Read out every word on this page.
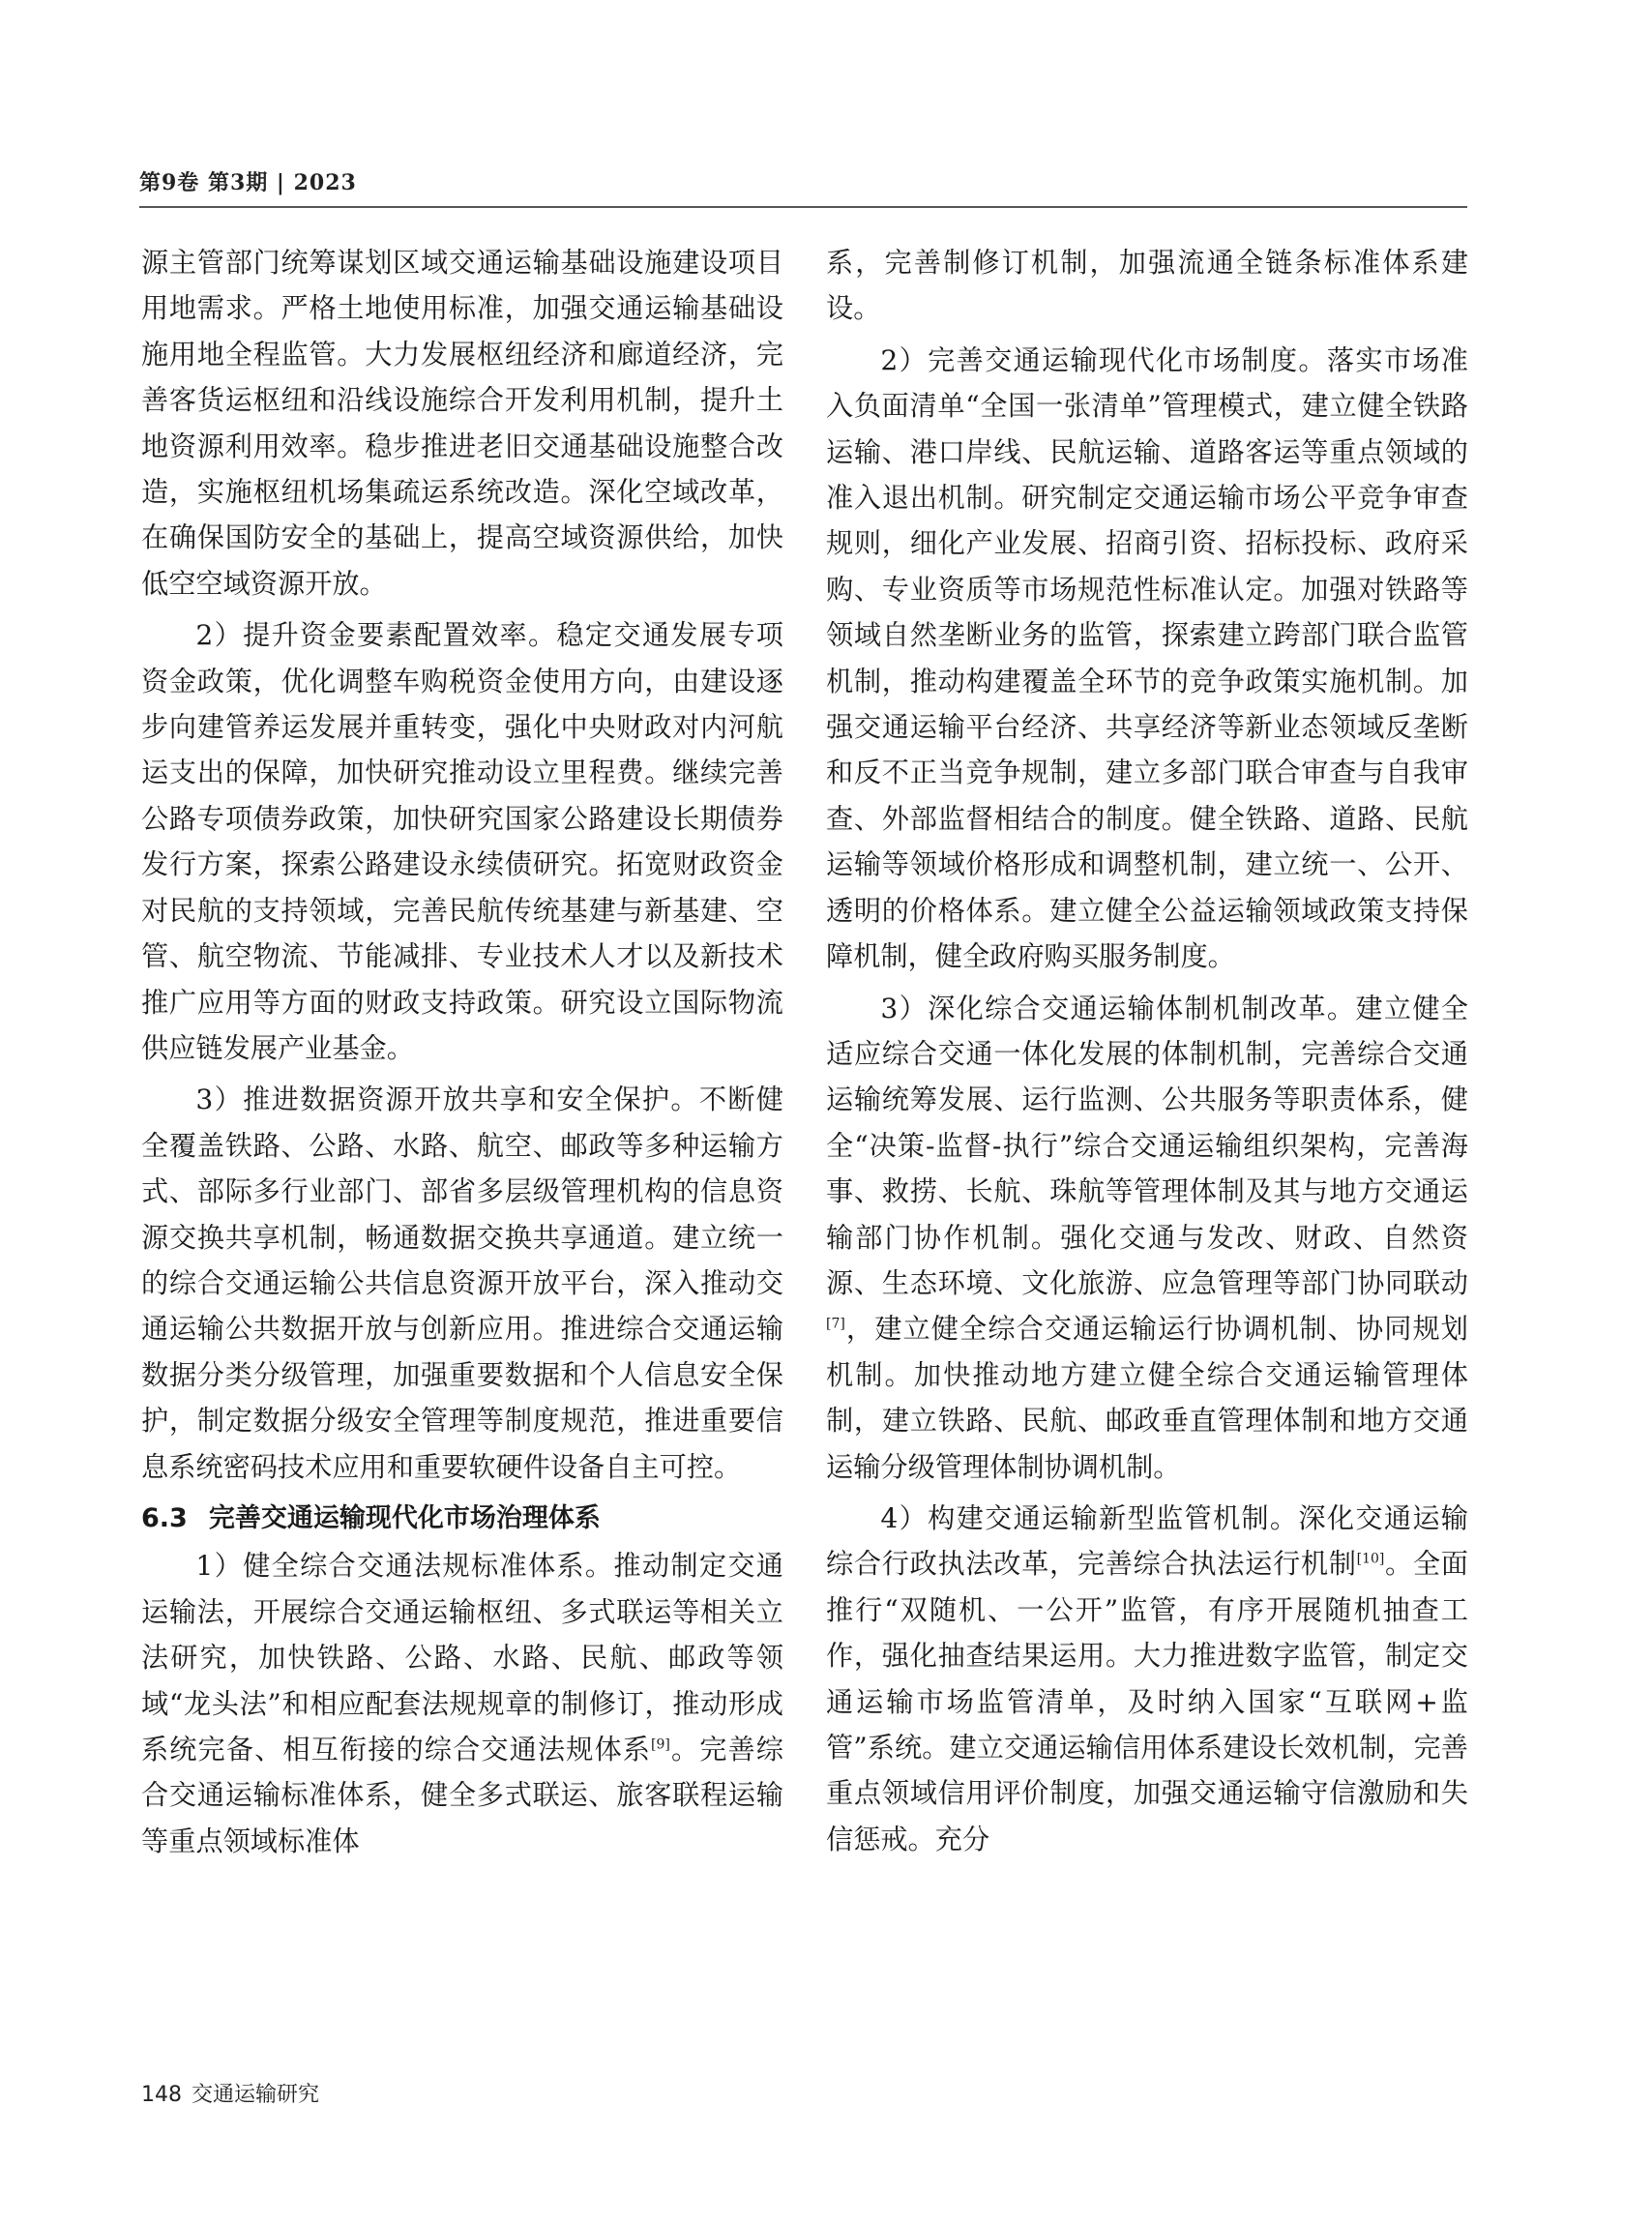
第9卷 第3期 | 2023

源主管部门统筹谋划区域交通运输基础设施建设项目用地需求。严格土地使用标准，加强交通运输基础设施用地全程监管。大力发展枢纽经济和廊道经济，完善客货运枢纽和沿线设施综合开发利用机制，提升土地资源利用效率。稳步推进老旧交通基础设施整合改造，实施枢纽机场集疏运系统改造。深化空域改革，在确保国防安全的基础上，提高空域资源供给，加快低空空域资源开放。

2）提升资金要素配置效率。稳定交通发展专项资金政策，优化调整车购税资金使用方向，由建设逐步向建管养运发展并重转变，强化中央财政对内河航运支出的保障，加快研究推动设立里程费。继续完善公路专项债券政策，加快研究国家公路建设长期债券发行方案，探索公路建设永续债研究。拓宽财政资金对民航的支持领域，完善民航传统基建与新基建、空管、航空物流、节能减排、专业技术人才以及新技术推广应用等方面的财政支持政策。研究设立国际物流供应链发展产业基金。

3）推进数据资源开放共享和安全保护。不断健全覆盖铁路、公路、水路、航空、邮政等多种运输方式、部际多行业部门、部省多层级管理机构的信息资源交换共享机制，畅通数据交换共享通道。建立统一的综合交通运输公共信息资源开放平台，深入推动交通运输公共数据开放与创新应用。推进综合交通运输数据分类分级管理，加强重要数据和个人信息安全保护，制定数据分级安全管理等制度规范，推进重要信息系统密码技术应用和重要软硬件设备自主可控。

6.3 完善交通运输现代化市场治理体系

1）健全综合交通法规标准体系。推动制定交通运输法，开展综合交通运输枢纽、多式联运等相关立法研究，加快铁路、公路、水路、民航、邮政等领域“龙头法”和相应配套法规规章的制修订，推动形成系统完备、相互衔接的综合交通法规体系[9]。完善综合交通运输标准体系，健全多式联运、旅客联程运输等重点领域标准体

系，完善制修订机制，加强流通全链条标准体系建设。

2）完善交通运输现代化市场制度。落实市场准入负面清单“全国一张清单”管理模式，建立健全铁路运输、港口岸线、民航运输、道路客运等重点领域的准入退出机制。研究制定交通运输市场公平竞争审查规则，细化产业发展、招商引资、招标投标、政府采购、专业资质等市场规范性标准认定。加强对铁路等领域自然垄断业务的监管，探索建立跨部门联合监管机制，推动构建覆盖全环节的竞争政策实施机制。加强交通运输平台经济、共享经济等新业态领域反垄断和反不正当竞争规制，建立多部门联合审查与自我审查、外部监督相结合的制度。健全铁路、道路、民航运输等领域价格形成和调整机制，建立统一、公开、透明的价格体系。建立健全公益运输领域政策支持保障机制，健全政府购买服务制度。

3）深化综合交通运输体制机制改革。建立健全适应综合交通一体化发展的体制机制，完善综合交通运输统筹发展、运行监测、公共服务等职责体系，健全“决策-监督-执行”综合交通运输组织架构，完善海事、救捞、长航、珠航等管理体制及其与地方交通运输部门协作机制。强化交通与发改、财政、自然资源、生态环境、文化旅游、应急管理等部门协同联动[7]，建立健全综合交通运输运行协调机制、协同规划机制。加快推动地方建立健全综合交通运输管理体制，建立铁路、民航、邮政垂直管理体制和地方交通运输分级管理体制协调机制。

4）构建交通运输新型监管机制。深化交通运输综合行政执法改革，完善综合执法运行机制[10]。全面推行“双随机、一公开”监管，有序开展随机抽查工作，强化抽查结果运用。大力推进数字监管，制定交通运输市场监管清单，及时纳入国家“互联网+监管”系统。建立交通运输信用体系建设长效机制，完善重点领域信用评价制度，加强交通运输守信激励和失信惩戒。充分

148 交通运输研究
